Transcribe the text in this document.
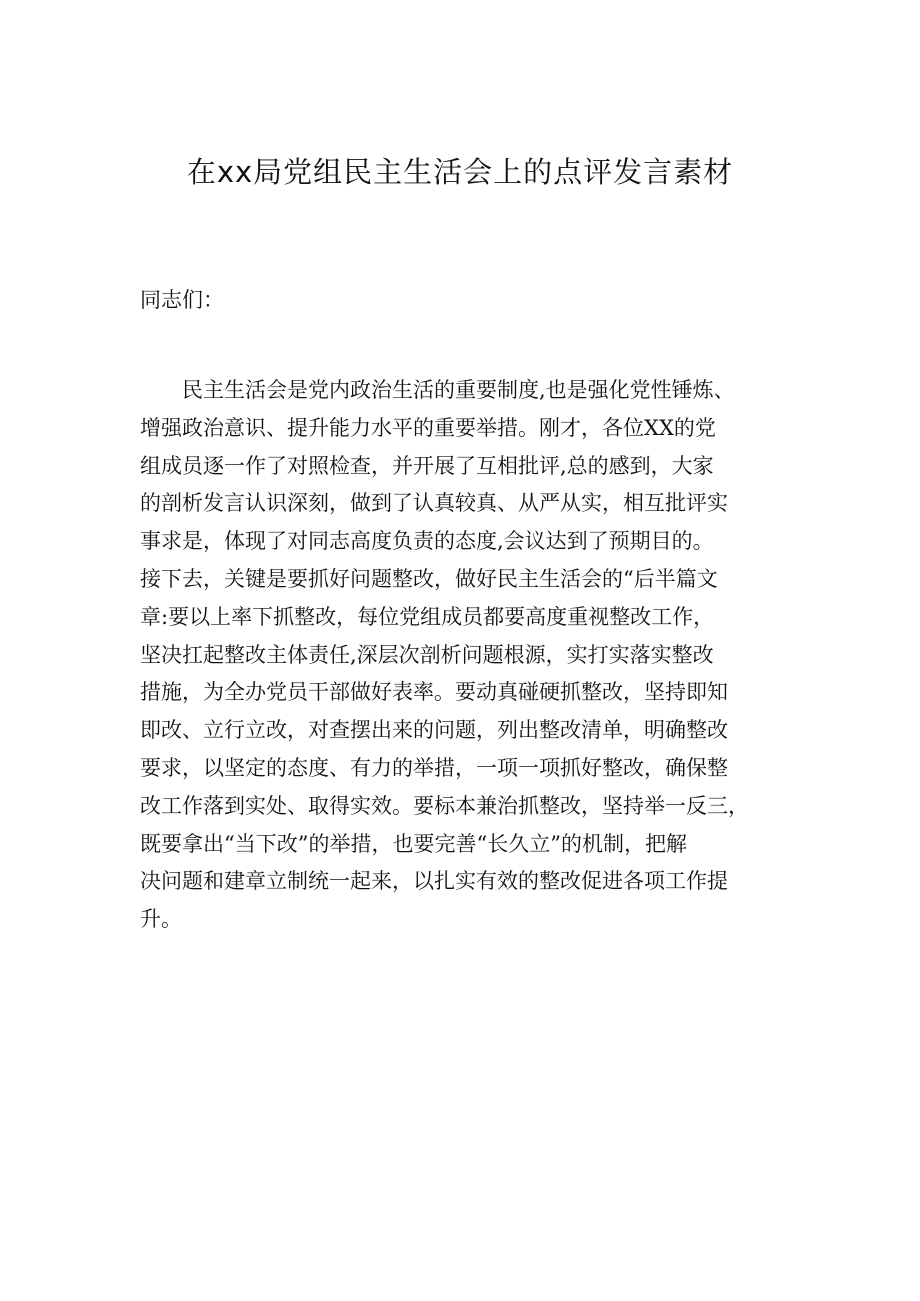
在xx局党组民主生活会上的点评发言素材

同志们：

民主生活会是党内政治生活的重要制度,也是强化党性锤炼、
增强政治意识、提升能力水平的重要举措。刚才，各位XX的党
组成员逐一作了对照检查，并开展了互相批评,总的感到，大家
的剖析发言认识深刻，做到了认真较真、从严从实，相互批评实
事求是，体现了对同志高度负责的态度,会议达到了预期目的。
接下去，关键是要抓好问题整改，做好民主生活会的“后半篇文
章:要以上率下抓整改，每位党组成员都要高度重视整改工作，
坚决扛起整改主体责任,深层次剖析问题根源，实打实落实整改
措施，为全办党员干部做好表率。要动真碰硬抓整改，坚持即知
即改、立行立改，对查摆出来的问题，列出整改清单，明确整改
要求，以坚定的态度、有力的举措，一项一项抓好整改，确保整
改工作落到实处、取得实效。要标本兼治抓整改，坚持举一反三，
既要拿出“当下改”的举措，也要完善“长久立”的机制，把解
决问题和建章立制统一起来，以扎实有效的整改促进各项工作提
升。
